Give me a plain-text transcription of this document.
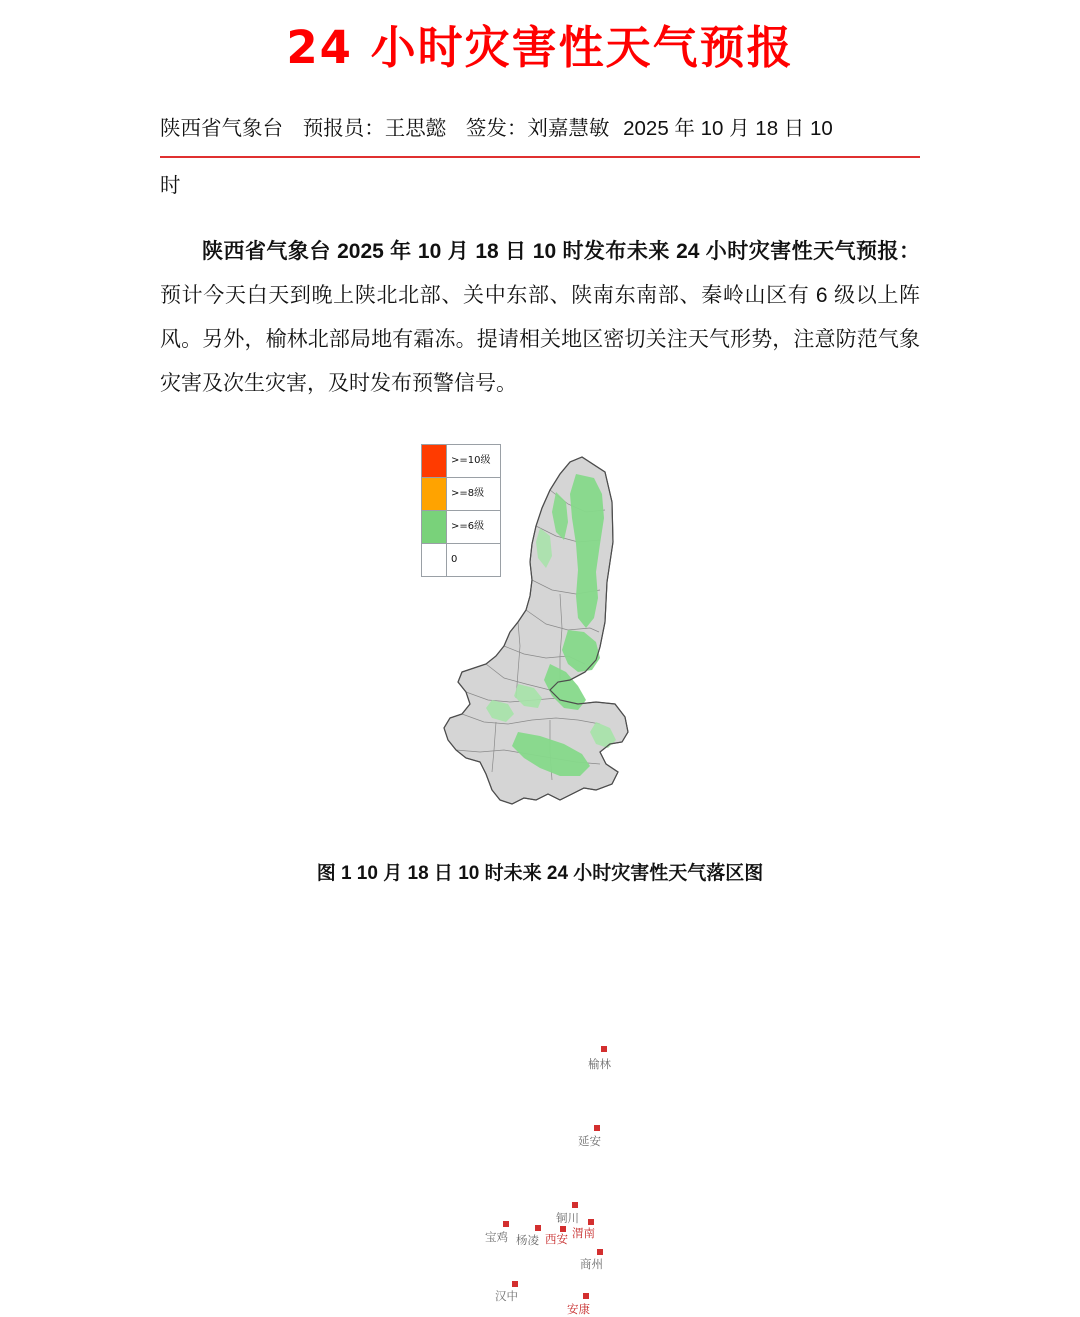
24 小时灾害性天气预报
陕西省气象台 预报员：王思懿 签发：刘嘉慧敏 2025 年 10 月 18 日 10
时

陕西省气象台 2025 年 10 月 18 日 10 时发布未来 24 小时灾害性天气预报：预计今天白天到晚上陕北北部、关中东部、陕南东南部、秦岭山区有 6 级以上阵风。另外，榆林北部局地有霜冻。提请相关地区密切关注天气形势，注意防范气象灾害及次生灾害，及时发布预警信号。

>=10级
>=8级
>=6级
0
榆林
延安
铜川
宝鸡 杨凌	渭南
西安
商州
汉中
安康
图 1 10 月 18 日 10 时未来 24 小时灾害性天气落区图
